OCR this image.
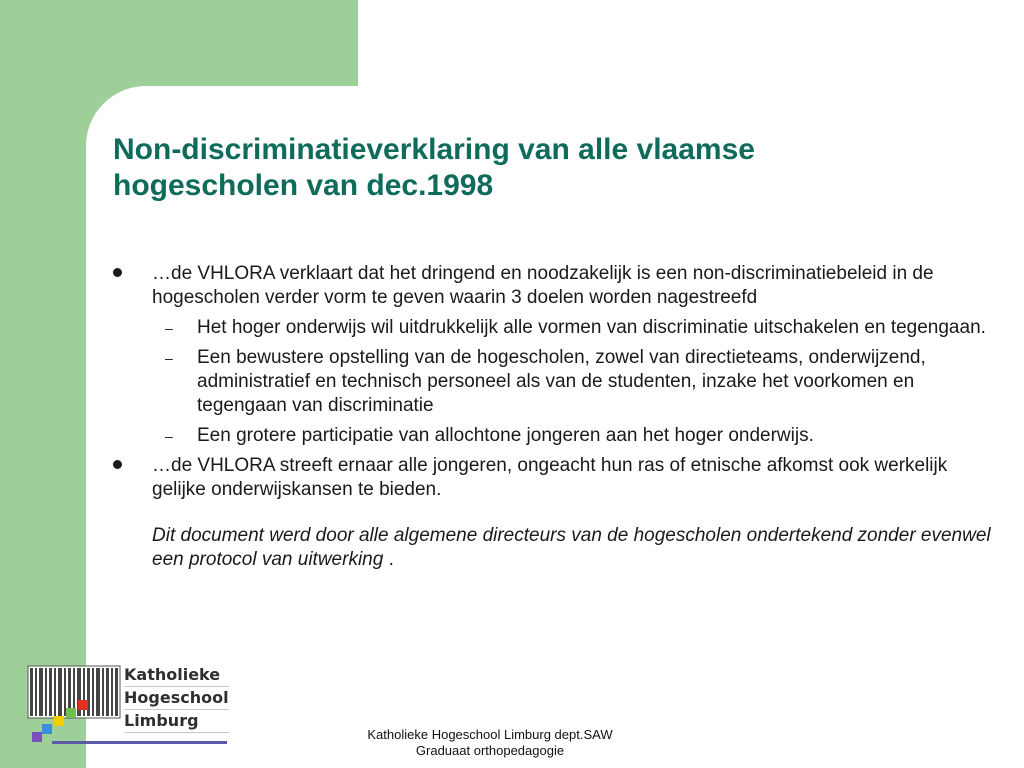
Non-discriminatieverklaring van alle vlaamse
hogescholen van dec.1998
…de VHLORA verklaart dat het dringend en noodzakelijk is een non-discriminatiebeleid in de hogescholen verder vorm te geven waarin 3 doelen worden nagestreefd
– Het hoger onderwijs wil uitdrukkelijk alle vormen van discriminatie uitschakelen en tegengaan.
– Een bewustere opstelling van de hogescholen, zowel van directieteams, onderwijzend, administratief en technisch personeel als van de studenten, inzake het voorkomen en tegengaan van discriminatie
– Een grotere participatie van allochtone jongeren aan het hoger onderwijs.
…de VHLORA streeft ernaar alle jongeren, ongeacht hun ras of etnische afkomst ook werkelijk gelijke onderwijskansen te bieden.
Dit document werd door alle algemene directeurs van de hogescholen ondertekend zonder evenwel een protocol van uitwerking .
Katholieke
Hogeschool
Limburg
Katholieke Hogeschool Limburg dept.SAW
Graduaat orthopedagogie
